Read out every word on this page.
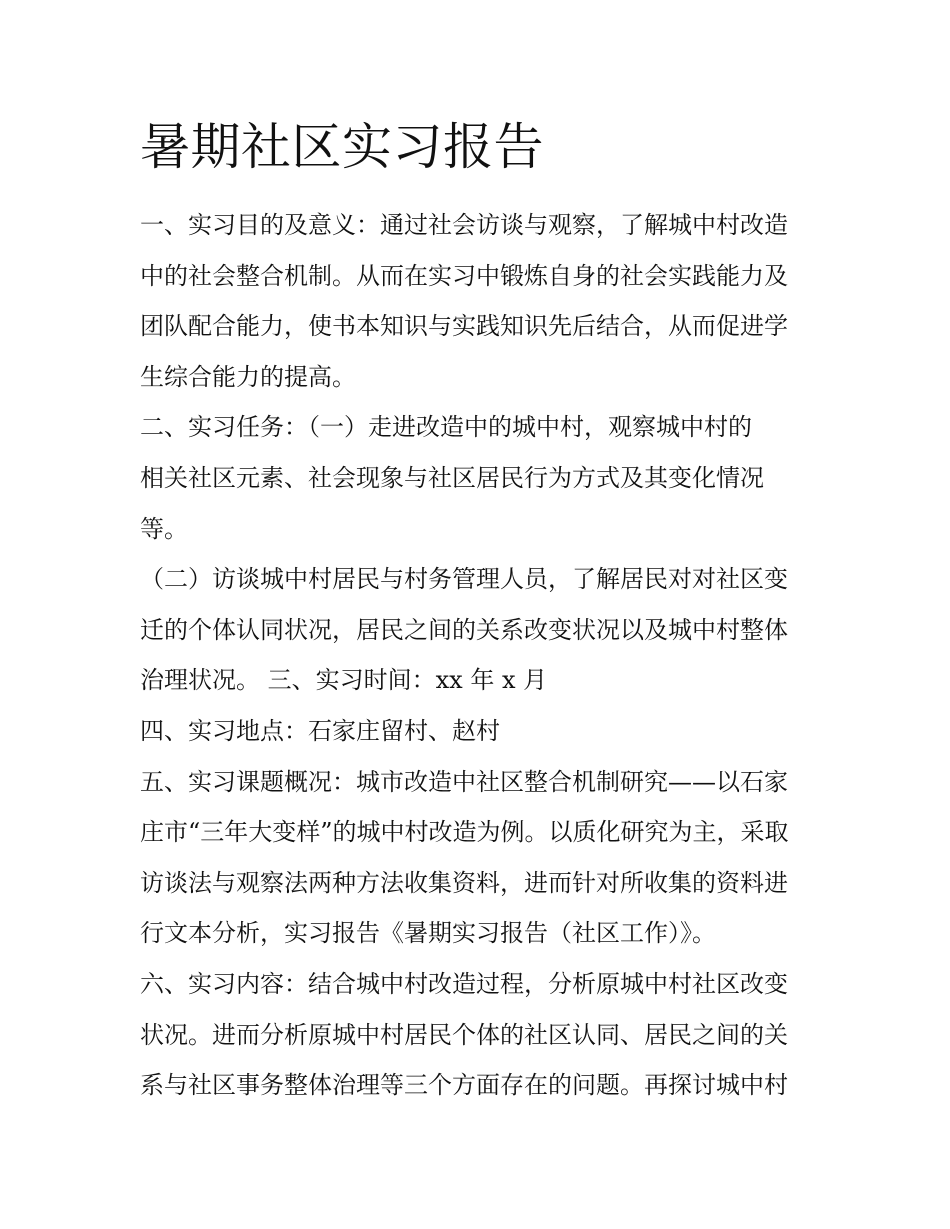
暑期社区实习报告
一、实习目的及意义：通过社会访谈与观察，了解城中村改造
中的社会整合机制。从而在实习中锻炼自身的社会实践能力及
团队配合能力，使书本知识与实践知识先后结合，从而促进学
生综合能力的提高。
二、实习任务：（一）走进改造中的城中村，观察城中村的
相关社区元素、社会现象与社区居民行为方式及其变化情况
等。
（二）访谈城中村居民与村务管理人员，了解居民对对社区变
迁的个体认同状况，居民之间的关系改变状况以及城中村整体
治理状况。 三、实习时间：xx 年 x 月
四、实习地点：石家庄留村、赵村
五、实习课题概况：城市改造中社区整合机制研究——以石家
庄市“三年大变样”的城中村改造为例。以质化研究为主，采取
访谈法与观察法两种方法收集资料，进而针对所收集的资料进
行文本分析，实习报告《暑期实习报告（社区工作）》。
六、实习内容：结合城中村改造过程，分析原城中村社区改变
状况。进而分析原城中村居民个体的社区认同、居民之间的关
系与社区事务整体治理等三个方面存在的问题。再探讨城中村
